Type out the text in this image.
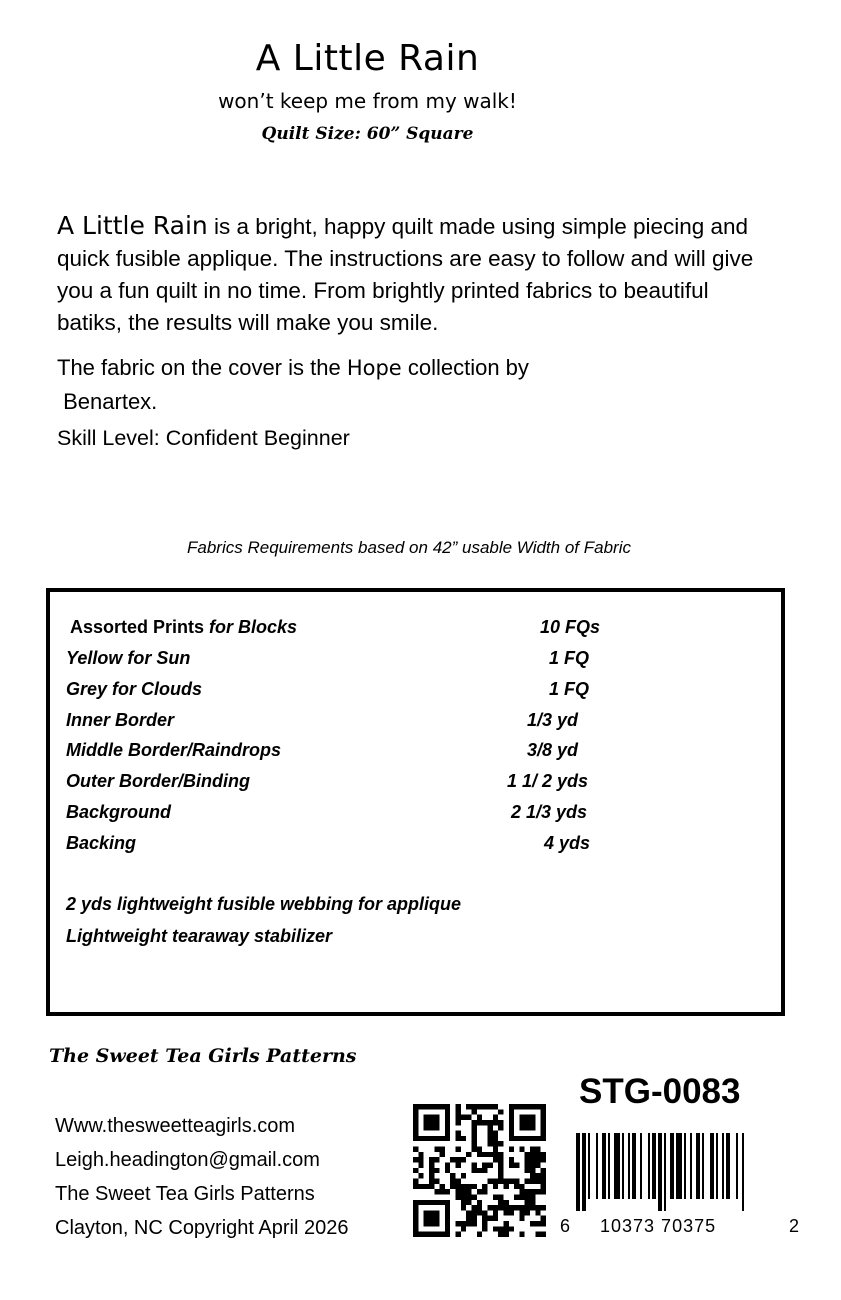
A Little Rain
won’t keep me from my walk!
Quilt Size: 60” Square

A Little Rain is a bright, happy quilt made using simple piecing and quick fusible applique. The instructions are easy to follow and will give you a fun quilt in no time. From brightly printed fabrics to beautiful batiks, the results will make you smile.

The fabric on the cover is the Hope collection by
Benartex.

Skill Level: Confident Beginner
Fabrics Requirements based on 42” usable Width of Fabric
Assorted Prints for Blocks	10 FQs
Yellow for Sun	1 FQ
Grey for Clouds	1 FQ
Inner Border	1/3 yd
Middle Border/Raindrops	3/8 yd
Outer Border/Binding	1 1/ 2 yds
Background	2 1/3 yds
Backing	4 yds
2 yds lightweight fusible webbing for applique
Lightweight tearaway stabilizer
The Sweet Tea Girls Patterns
Www.thesweetteagirls.com
Leigh.headington@gmail.com
The Sweet Tea Girls Patterns
Clayton, NC Copyright April 2026
STG-0083
6 10373 70375	2
